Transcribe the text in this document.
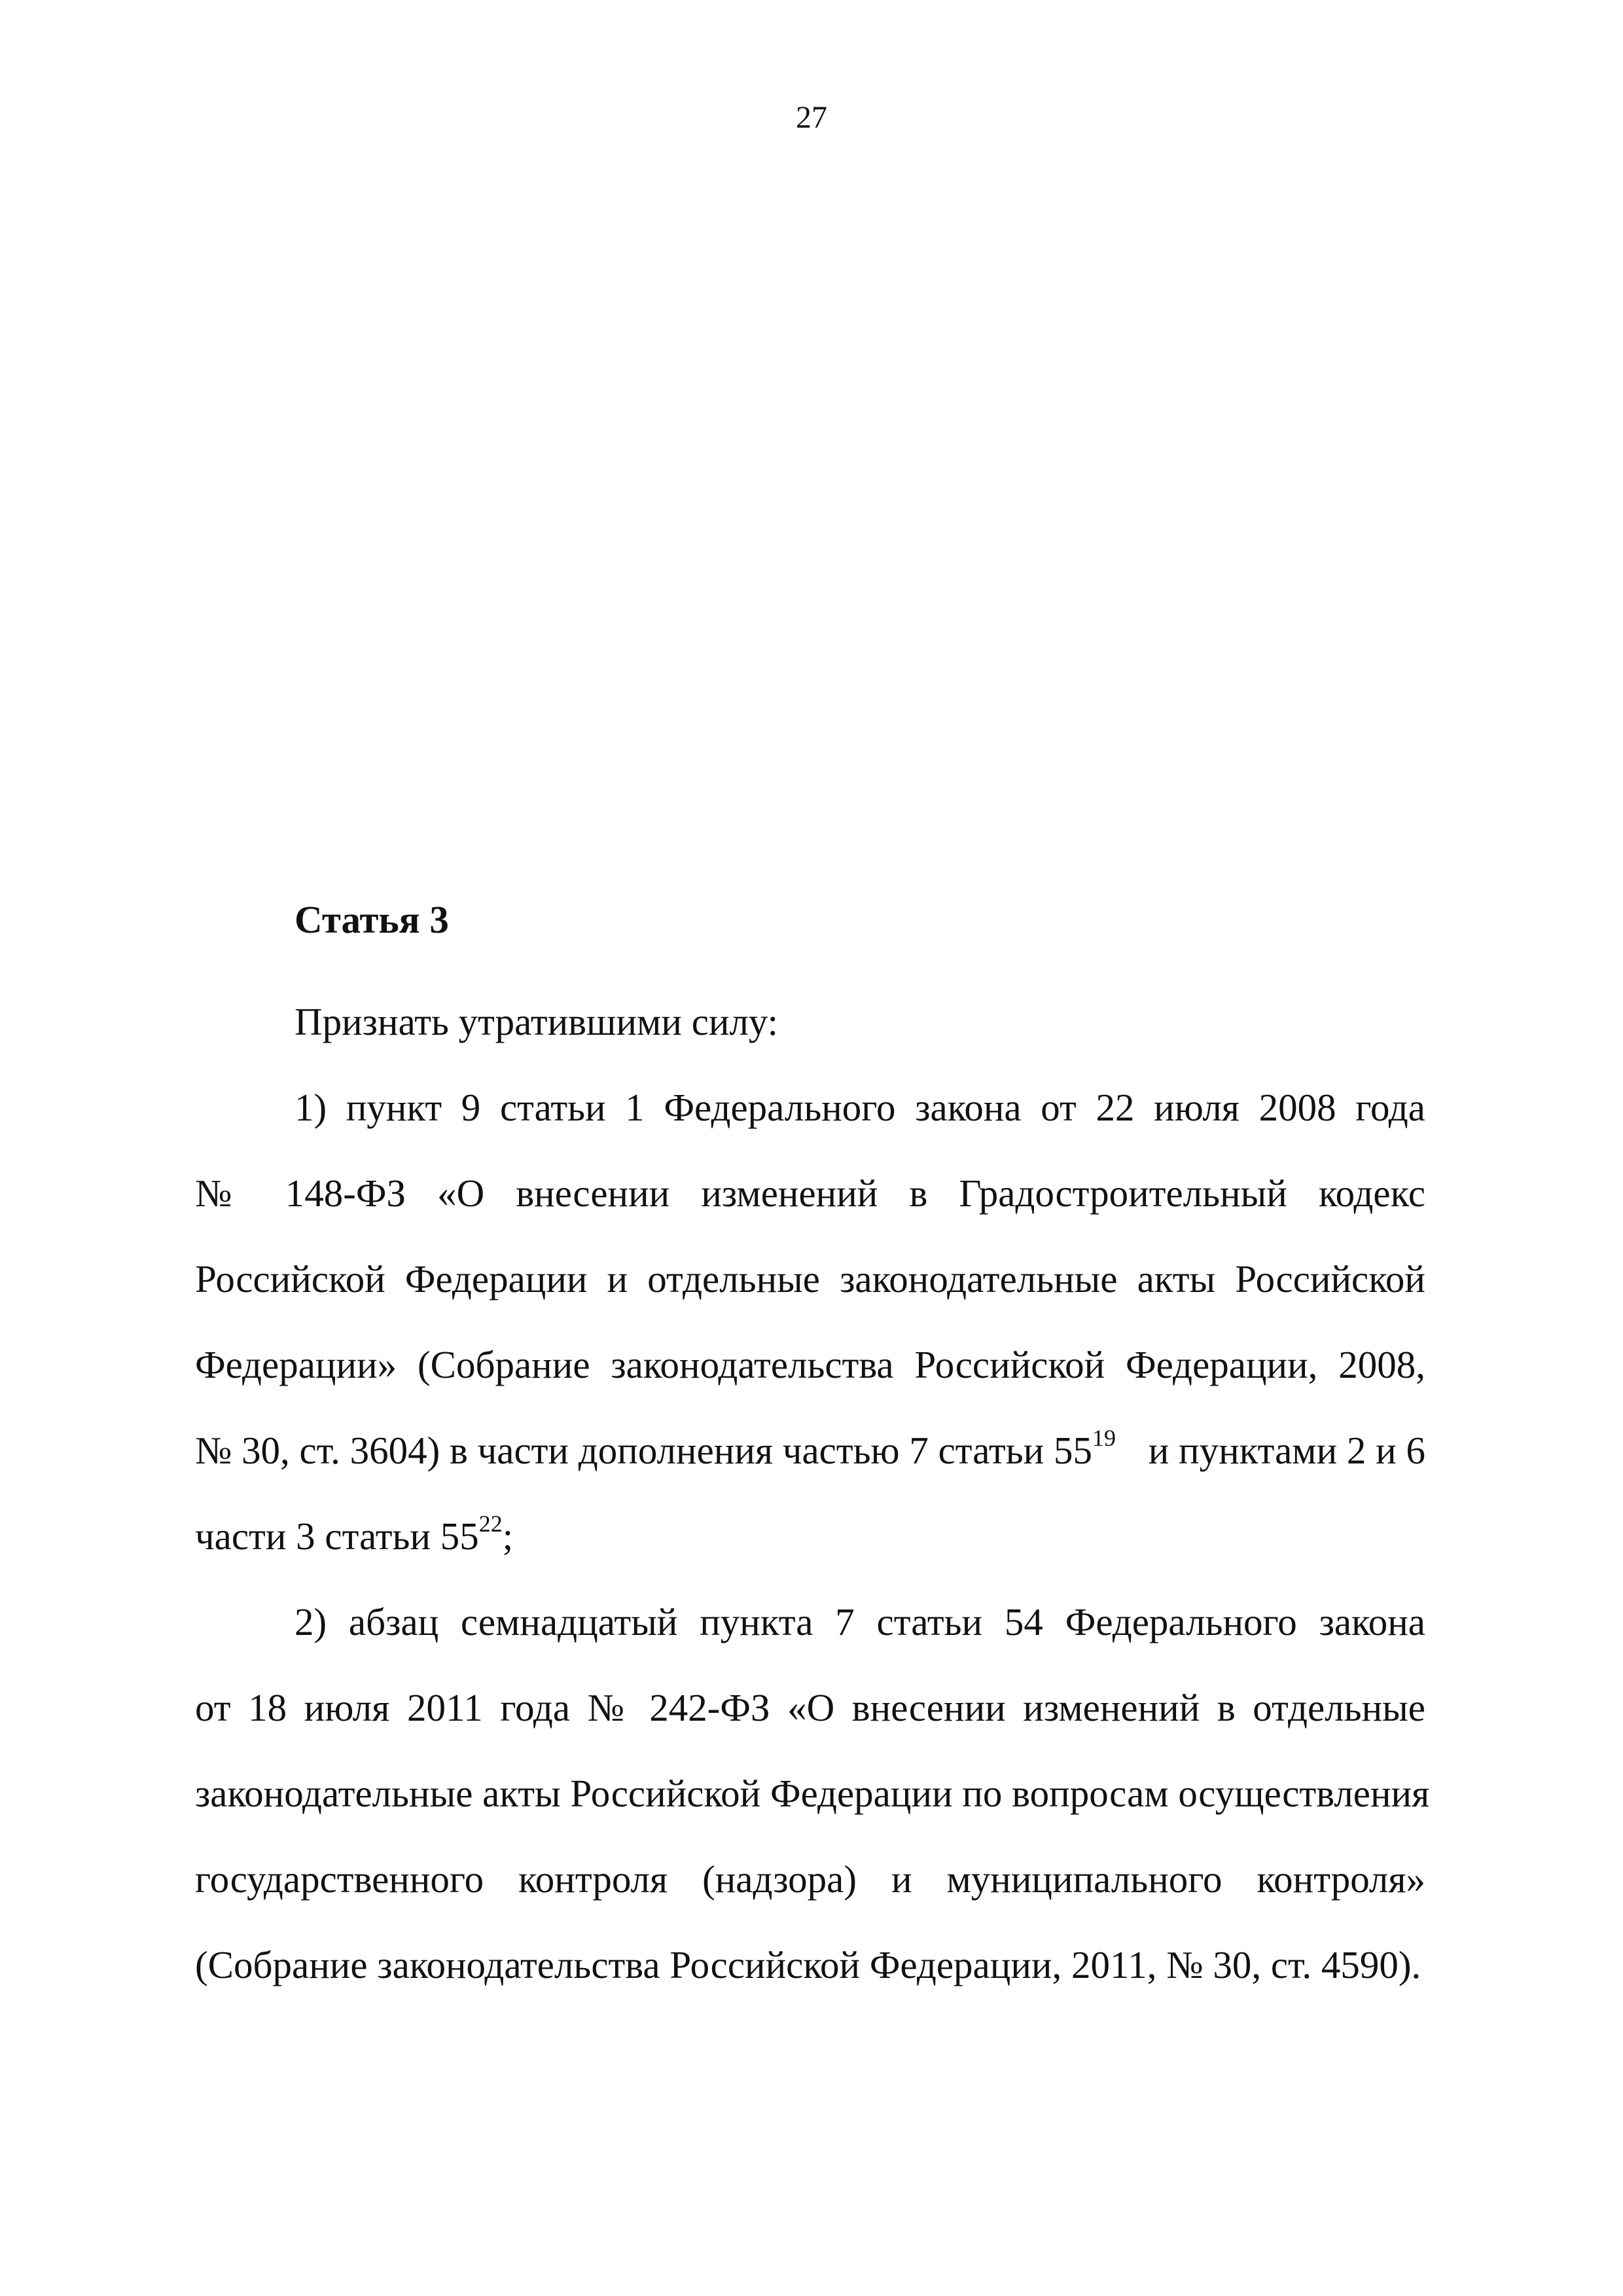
27
Статья 3

Признать утратившими силу:

1) пункт 9 статьи 1 Федерального закона от 22 июля 2008 года
№ 148-ФЗ «О внесении изменений в Градостроительный кодекс
Российской Федерации и отдельные законодательные акты Российской
Федерации» (Собрание законодательства Российской Федерации, 2008,
№ 30, ст. 3604) в части дополнения частью 7 статьи $55^{19}$ и пунктами 2 и 6
части 3 статьи $55^{22}$;
2) абзац семнадцатый пункта 7 статьи 54 Федерального закона
от 18 июля 2011 года № 242-ФЗ «О внесении изменений в отдельные
законодательные акты Российской Федерации по вопросам осуществления
государственного контроля (надзора) и муниципального контроля»
(Собрание законодательства Российской Федерации, 2011, № 30, ст. 4590).
